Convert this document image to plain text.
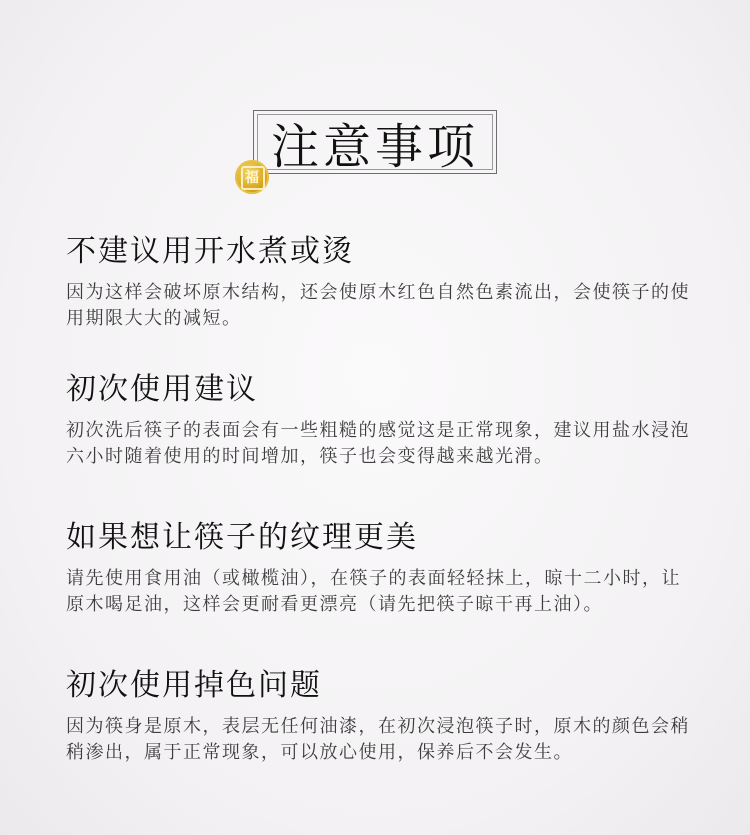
注意事项
福
不建议用开水煮或烫

因为这样会破坏原木结构，还会使原木红色自然色素流出，会使筷子的使用期限大大的减短。

初次使用建议

初次洗后筷子的表面会有一些粗糙的感觉这是正常现象，建议用盐水浸泡六小时随着使用的时间增加，筷子也会变得越来越光滑。

如果想让筷子的纹理更美

请先使用食用油（或橄榄油），在筷子的表面轻轻抹上，晾十二小时，让原木喝足油，这样会更耐看更漂亮（请先把筷子晾干再上油）。

初次使用掉色问题

因为筷身是原木，表层无任何油漆，在初次浸泡筷子时，原木的颜色会稍稍渗出，属于正常现象，可以放心使用，保养后不会发生。
